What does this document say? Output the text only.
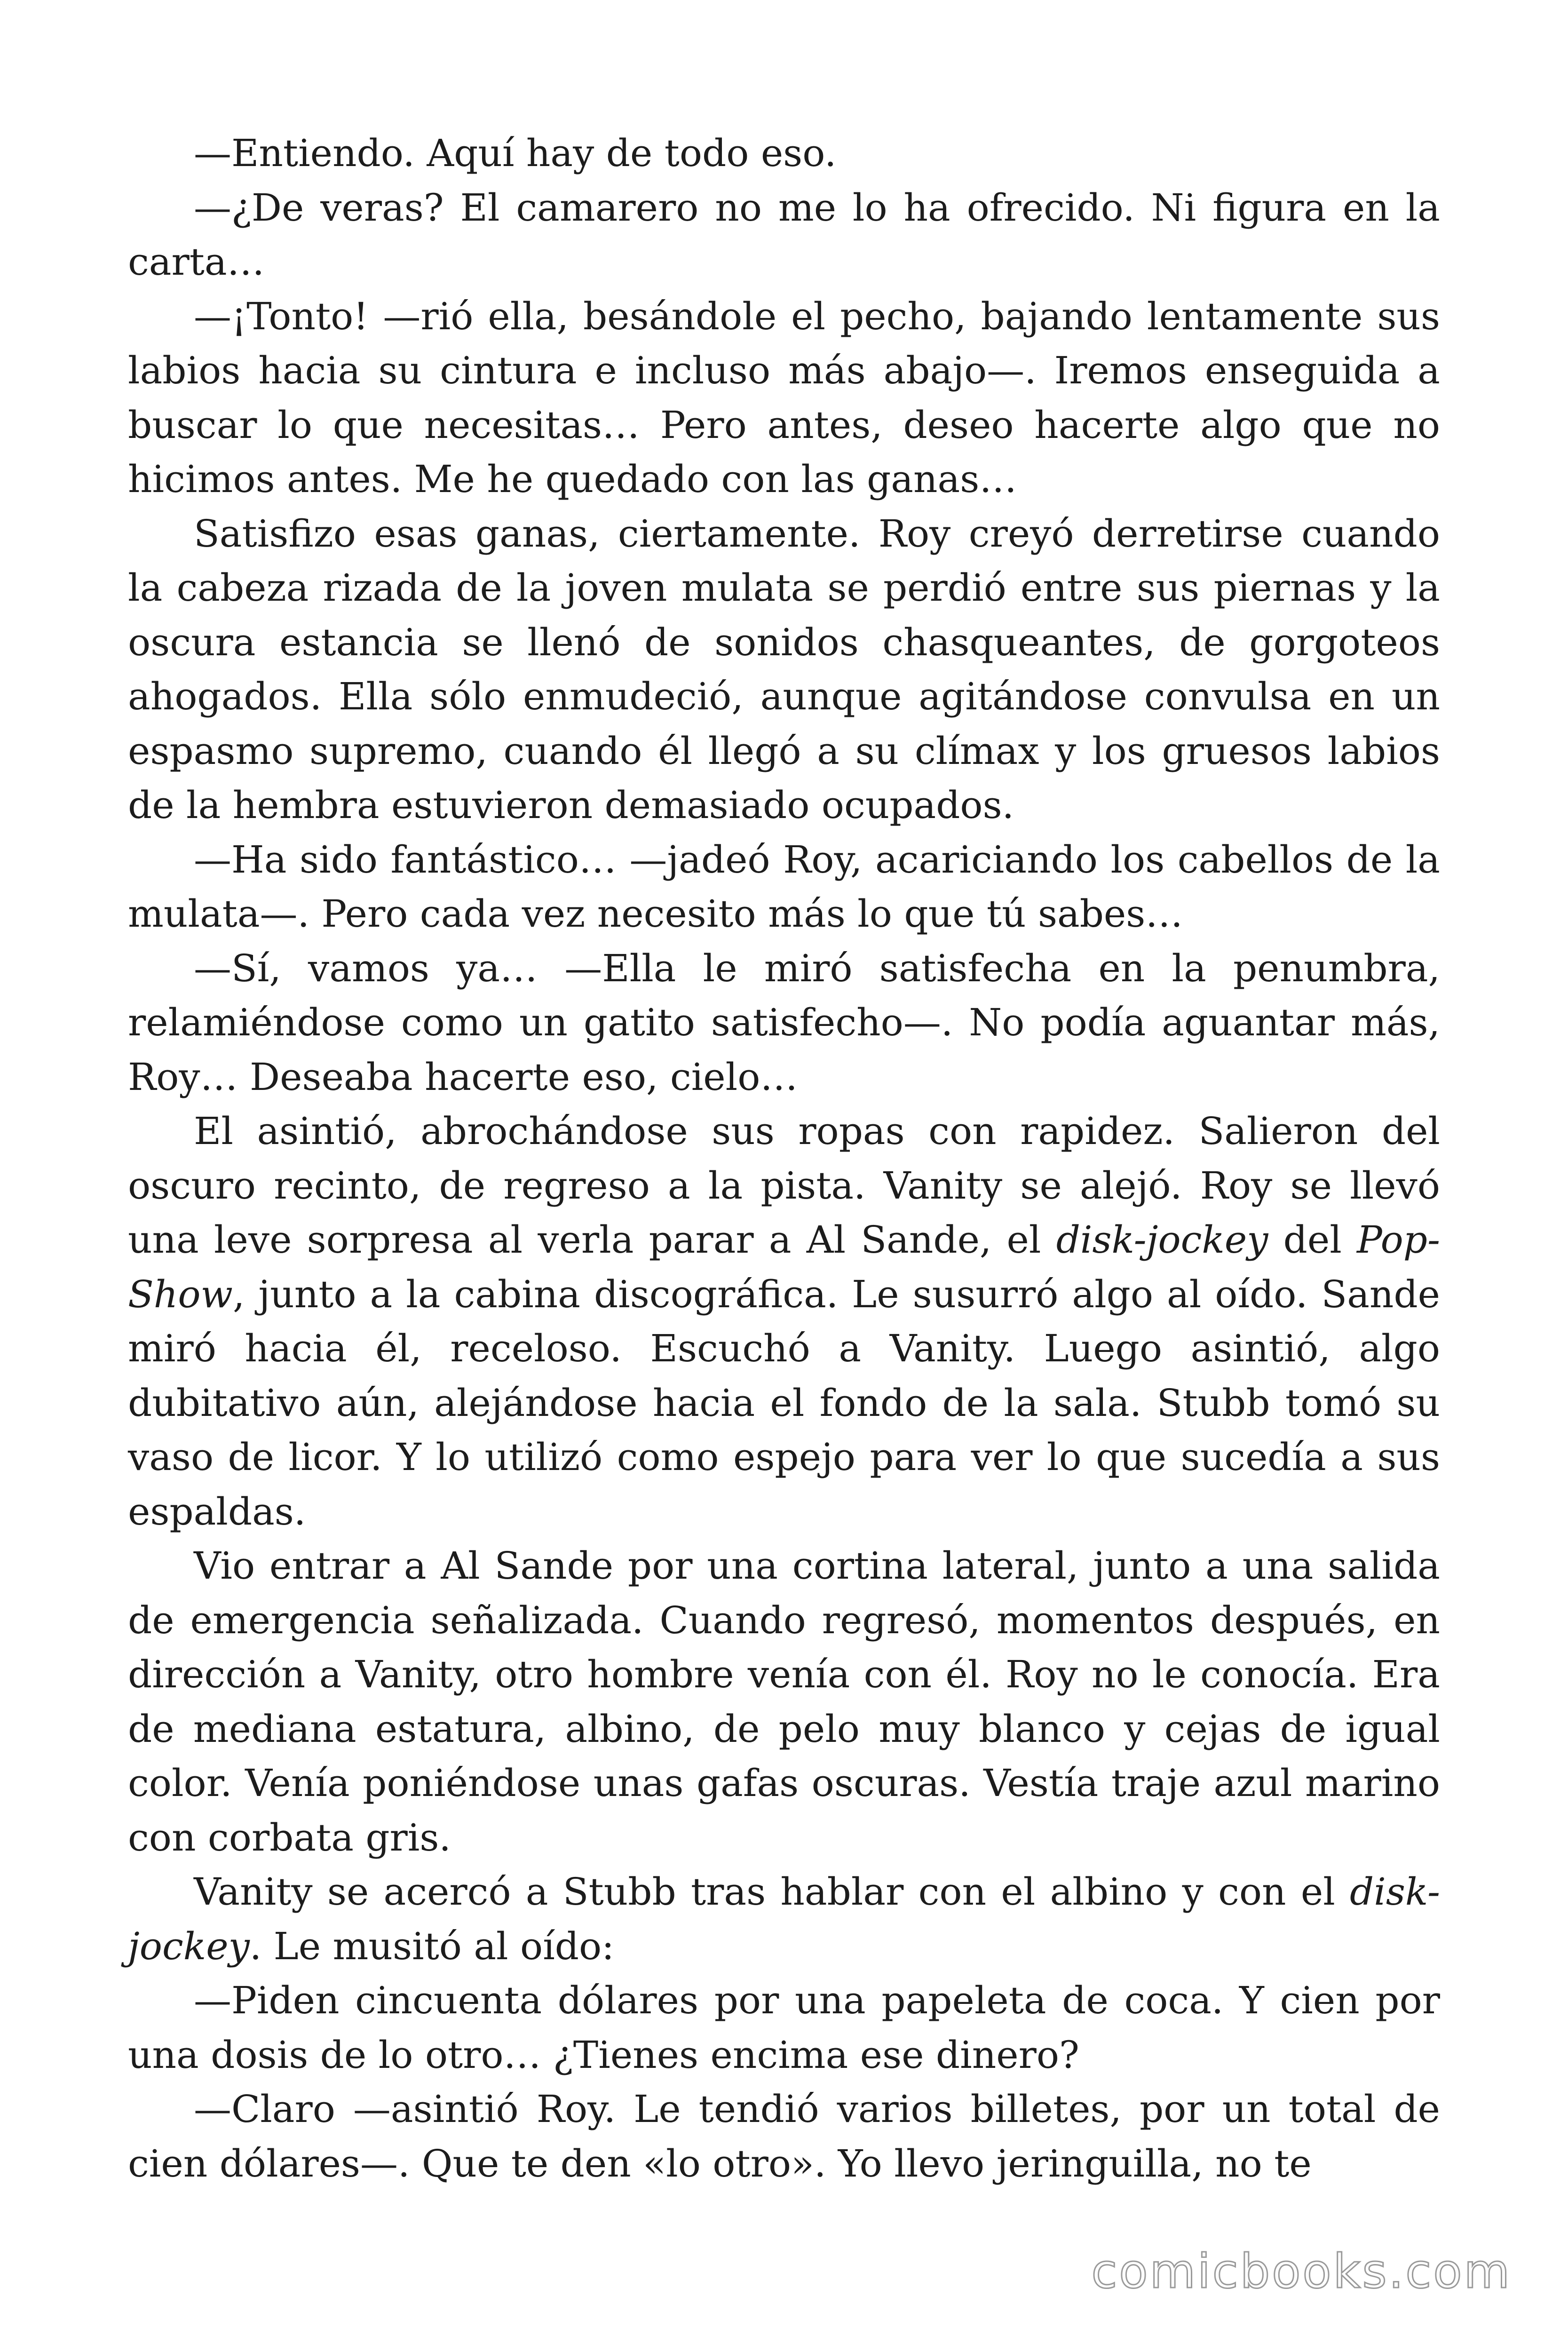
—Entiendo. Aquí hay de todo eso.

—¿De veras? El camarero no me lo ha ofrecido. Ni figura en la carta…

—¡Tonto! —rió ella, besándole el pecho, bajando lentamente sus labios hacia su cintura e incluso más abajo—. Iremos enseguida a buscar lo que necesitas… Pero antes, deseo hacerte algo que no hicimos antes. Me he quedado con las ganas…

Satisfizo esas ganas, ciertamente. Roy creyó derretirse cuando la cabeza rizada de la joven mulata se perdió entre sus piernas y la oscura estancia se llenó de sonidos chasqueantes, de gorgoteos ahogados. Ella sólo enmudeció, aunque agitándose convulsa en un espasmo supremo, cuando él llegó a su clímax y los gruesos labios de la hembra estuvieron demasiado ocupados.

—Ha sido fantástico… —jadeó Roy, acariciando los cabellos de la mulata—. Pero cada vez necesito más lo que tú sabes…

—Sí, vamos ya… —Ella le miró satisfecha en la penumbra, relamiéndose como un gatito satisfecho—. No podía aguantar más, Roy… Deseaba hacerte eso, cielo…

El asintió, abrochándose sus ropas con rapidez. Salieron del oscuro recinto, de regreso a la pista. Vanity se alejó. Roy se llevó una leve sorpresa al verla parar a Al Sande, el disk-jockey del Pop-Show, junto a la cabina discográfica. Le susurró algo al oído. Sande miró hacia él, receloso. Escuchó a Vanity. Luego asintió, algo dubitativo aún, alejándose hacia el fondo de la sala. Stubb tomó su vaso de licor. Y lo utilizó como espejo para ver lo que sucedía a sus espaldas.

Vio entrar a Al Sande por una cortina lateral, junto a una salida de emergencia señalizada. Cuando regresó, momentos después, en dirección a Vanity, otro hombre venía con él. Roy no le conocía. Era de mediana estatura, albino, de pelo muy blanco y cejas de igual color. Venía poniéndose unas gafas oscuras. Vestía traje azul marino con corbata gris.

Vanity se acercó a Stubb tras hablar con el albino y con el disk-jockey. Le musitó al oído:

—Piden cincuenta dólares por una papeleta de coca. Y cien por una dosis de lo otro… ¿Tienes encima ese dinero?

—Claro —asintió Roy. Le tendió varios billetes, por un total de cien dólares—. Que te den «lo otro». Yo llevo jeringuilla, no te

comicbooks.com
